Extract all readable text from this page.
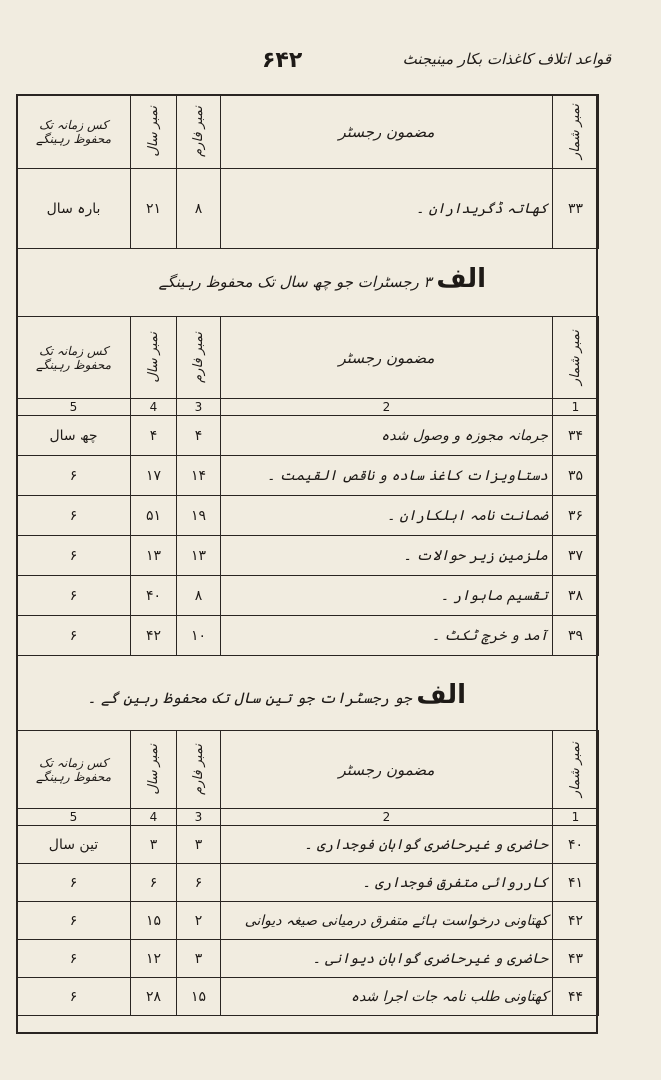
۶۴۲	قواعد اتلاف کاغذات بکار مینیجنٹ
نمبر شمار	مضمون رجسٹر	نمبر فارم	نمبر سال	کس زمانہ تک محفوظ رہینگے
۳۳	کھاتہ ڈگریداران ۔	۸	۲۱	بارہ سال
الف ۳ رجسٹرات جو چھ سال تک محفوظ رہینگے
نمبر شمار	مضمون رجسٹر	نمبر فارم	نمبر سال	کس زمانہ تک محفوظ رہینگے
1	2	3	4	5
۳۴	جرمانہ مجوزہ و وصول شدہ	۴	۴	چھ سال
۳۵	دستاویزات کاغذ سادہ و ناقص القیمت ۔	۱۴	۱۷	۶
۳۶	ضمانت نامہ اہلکاران ۔	۱۹	۵۱	۶
۳۷	ملزمین زیر حوالات ۔	۱۳	۱۳	۶
۳۸	تقسیم ماہوار ۔	۸	۴۰	۶
۳۹	آمد و خرچ ٹکٹ ۔	۱۰	۴۲	۶
الف جو رجسٹرات جو تین سال تک محفوظ رہین گے ۔
نمبر شمار	مضمون رجسٹر	نمبر فارم	نمبر سال	کس زمانہ تک محفوظ رہینگے
1	2	3	4	5
۴۰	حاضری و غیرحاضری گواہان فوجداری ۔	۳	۳	تین سال
۴۱	کارروائی متفرق فوجداری ۔	۶	۶	۶
۴۲	کھتاونی درخواست ہائے متفرق درمیانی صیغہ دیوانی	۲	۱۵	۶
۴۳	حاضری و غیرحاضری گواہان دیوانی ۔	۳	۱۲	۶
۴۴	کھتاونی طلب نامہ جات اجرا شدہ	۱۵	۲۸	۶
